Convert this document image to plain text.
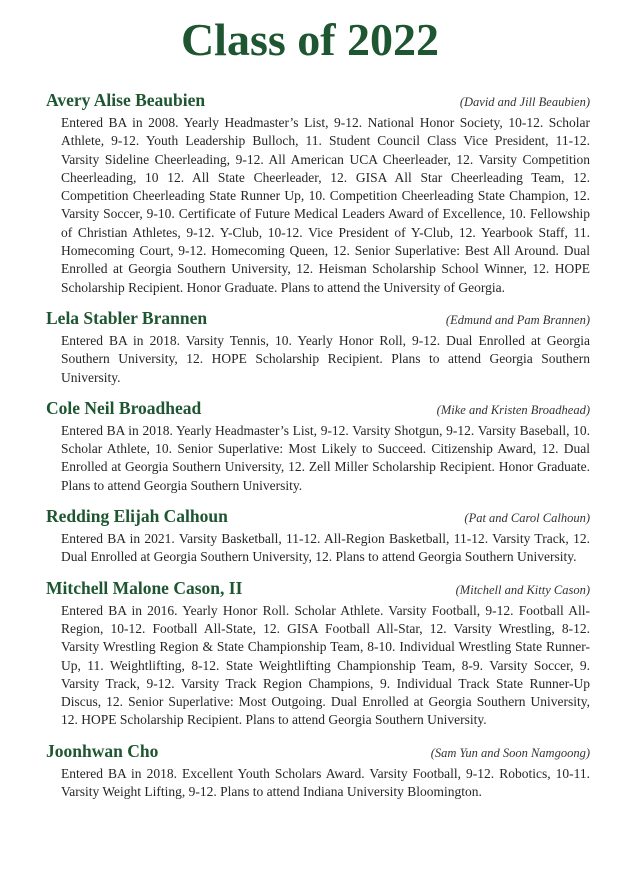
Class of 2022
Avery Alise Beaubien	(David and Jill Beaubien)

Entered BA in 2008. Yearly Headmaster’s List, 9-12. National Honor Society, 10-12. Scholar Athlete, 9-12. Youth Leadership Bulloch, 11. Student Council Class Vice President, 11-12. Varsity Sideline Cheerleading, 9-12. All American UCA Cheerleader, 12. Varsity Competition Cheerleading, 10 12. All State Cheerleader, 12. GISA All Star Cheerleading Team, 12. Competition Cheerleading State Runner Up, 10. Competition Cheerleading State Champion, 12. Varsity Soccer, 9-10. Certificate of Future Medical Leaders Award of Excellence, 10. Fellowship of Christian Athletes, 9-12. Y-Club, 10-12. Vice President of Y-Club, 12. Yearbook Staff, 11. Homecoming Court, 9-12. Homecoming Queen, 12. Senior Superlative: Best All Around. Dual Enrolled at Georgia Southern University, 12. Heisman Scholarship School Winner, 12. HOPE Scholarship Recipient. Honor Graduate. Plans to attend the University of Georgia.

Lela Stabler Brannen	(Edmund and Pam Brannen)

Entered BA in 2018. Varsity Tennis, 10. Yearly Honor Roll, 9-12. Dual Enrolled at Georgia Southern University, 12. HOPE Scholarship Recipient. Plans to attend Georgia Southern University.

Cole Neil Broadhead	(Mike and Kristen Broadhead)

Entered BA in 2018. Yearly Headmaster’s List, 9-12. Varsity Shotgun, 9-12. Varsity Baseball, 10. Scholar Athlete, 10. Senior Superlative: Most Likely to Succeed. Citizenship Award, 12. Dual Enrolled at Georgia Southern University, 12. Zell Miller Scholarship Recipient. Honor Graduate. Plans to attend Georgia Southern University.

Redding Elijah Calhoun	(Pat and Carol Calhoun)

Entered BA in 2021. Varsity Basketball, 11-12. All-Region Basketball, 11-12. Varsity Track, 12. Dual Enrolled at Georgia Southern University, 12. Plans to attend Georgia Southern University.

Mitchell Malone Cason, II	(Mitchell and Kitty Cason)

Entered BA in 2016. Yearly Honor Roll. Scholar Athlete. Varsity Football, 9-12. Football All-Region, 10-12. Football All-State, 12. GISA Football All-Star, 12. Varsity Wrestling, 8-12. Varsity Wrestling Region & State Championship Team, 8-10. Individual Wrestling State Runner-Up, 11. Weightlifting, 8-12. State Weightlifting Championship Team, 8-9. Varsity Soccer, 9. Varsity Track, 9-12. Varsity Track Region Champions, 9. Individual Track State Runner-Up Discus, 12. Senior Superlative: Most Outgoing. Dual Enrolled at Georgia Southern University, 12. HOPE Scholarship Recipient. Plans to attend Georgia Southern University.

Joonhwan Cho	(Sam Yun and Soon Namgoong)

Entered BA in 2018. Excellent Youth Scholars Award. Varsity Football, 9-12. Robotics, 10-11. Varsity Weight Lifting, 9-12. Plans to attend Indiana University Bloomington.
